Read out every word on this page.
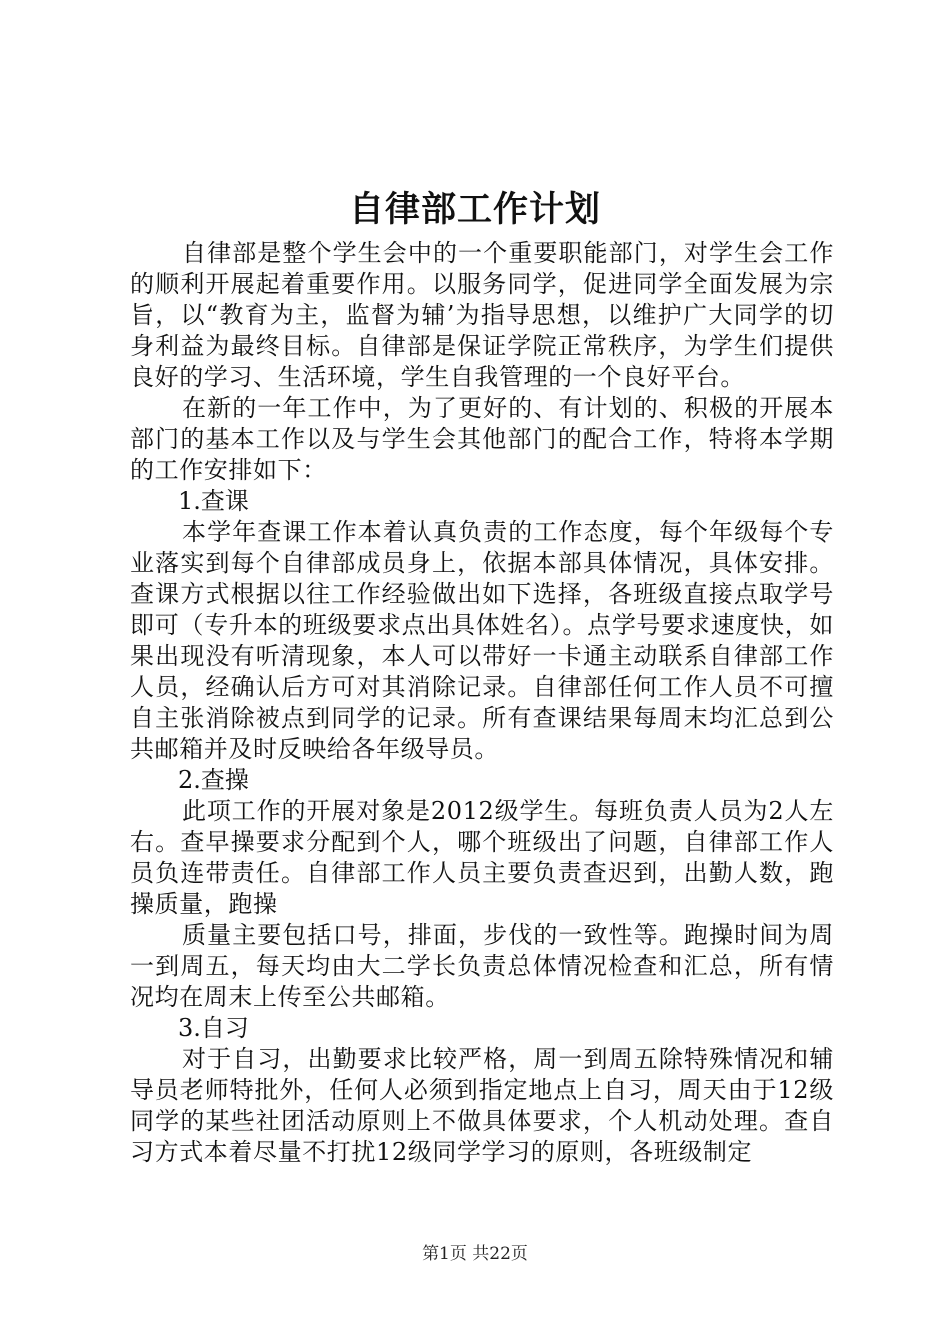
自律部工作计划

自律部是整个学生会中的一个重要职能部门，对学生会工作的顺利开展起着重要作用。以服务同学，促进同学全面发展为宗旨，以“教育为主，监督为辅’为指导思想，以维护广大同学的切身利益为最终目标。自律部是保证学院正常秩序，为学生们提供良好的学习、生活环境，学生自我管理的一个良好平台。

在新的一年工作中，为了更好的、有计划的、积极的开展本部门的基本工作以及与学生会其他部门的配合工作，特将本学期的工作安排如下：

1.查课

本学年查课工作本着认真负责的工作态度，每个年级每个专业落实到每个自律部成员身上，依据本部具体情况，具体安排。查课方式根据以往工作经验做出如下选择，各班级直接点取学号即可（专升本的班级要求点出具体姓名）。点学号要求速度快，如果出现没有听清现象，本人可以带好一卡通主动联系自律部工作人员，经确认后方可对其消除记录。自律部任何工作人员不可擅自主张消除被点到同学的记录。所有查课结果每周末均汇总到公共邮箱并及时反映给各年级导员。

2.查操

此项工作的开展对象是2012级学生。每班负责人员为2人左右。查早操要求分配到个人，哪个班级出了问题，自律部工作人员负连带责任。自律部工作人员主要负责查迟到，出勤人数，跑操质量，跑操

质量主要包括口号，排面，步伐的一致性等。跑操时间为周一到周五，每天均由大二学长负责总体情况检查和汇总，所有情况均在周末上传至公共邮箱。

3.自习

对于自习，出勤要求比较严格，周一到周五除特殊情况和辅导员老师特批外，任何人必须到指定地点上自习，周天由于12级同学的某些社团活动原则上不做具体要求，个人机动处理。查自习方式本着尽量不打扰12级同学学习的原则，各班级制定

第1页 共22页
